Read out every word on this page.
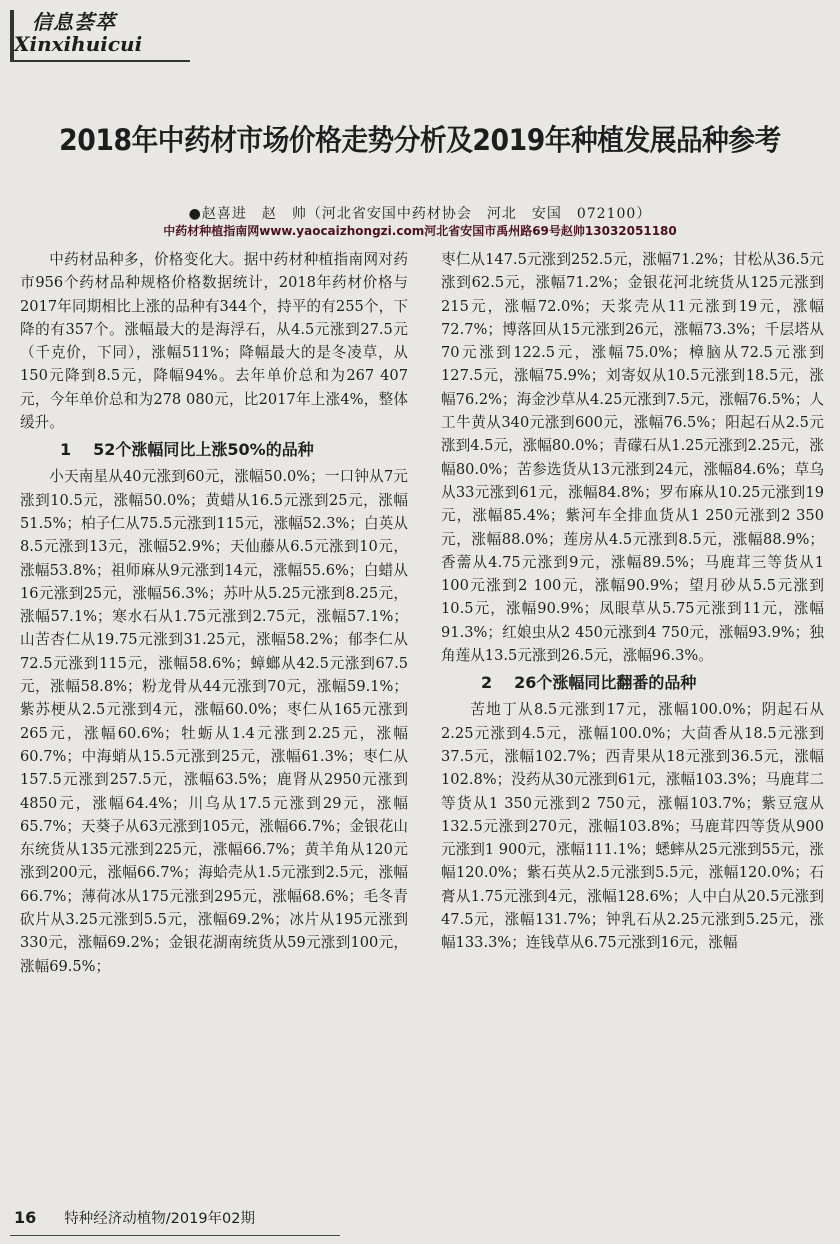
信息荟萃
Xinxihuicui
2018年中药材市场价格走势分析及2019年种植发展品种参考
●赵喜进　赵　帅（河北省安国中药材协会　河北　安国　072100）
中药材种植指南网www.yaocaizhongzi.com河北省安国市禹州路69号赵帅13032051180

中药材品种多，价格变化大。据中药材种植指南网对药市956个药材品种规格价格数据统计，2018年药材价格与2017年同期相比上涨的品种有344个，持平的有255个，下降的有357个。涨幅最大的是海浮石，从4.5元涨到27.5元（千克价，下同），涨幅511%；降幅最大的是冬凌草，从150元降到8.5元，降幅94%。去年单价总和为267 407元，今年单价总和为278 080元，比2017年上涨4%，整体缓升。

1 52个涨幅同比上涨50%的品种

小天南星从40元涨到60元，涨幅50.0%；一口钟从7元涨到10.5元，涨幅50.0%；黄蜡从16.5元涨到25元，涨幅51.5%；柏子仁从75.5元涨到115元，涨幅52.3%；白英从8.5元涨到13元，涨幅52.9%；天仙藤从6.5元涨到10元，涨幅53.8%；祖师麻从9元涨到14元，涨幅55.6%；白蜡从16元涨到25元，涨幅56.3%；苏叶从5.25元涨到8.25元，涨幅57.1%；寒水石从1.75元涨到2.75元，涨幅57.1%；山苦杏仁从19.75元涨到31.25元，涨幅58.2%；郁李仁从72.5元涨到115元，涨幅58.6%；蟑螂从42.5元涨到67.5元，涨幅58.8%；粉龙骨从44元涨到70元，涨幅59.1%；紫苏梗从2.5元涨到4元，涨幅60.0%；枣仁从165元涨到265元，涨幅60.6%；牡蛎从1.4元涨到2.25元，涨幅60.7%；中海蛸从15.5元涨到25元，涨幅61.3%；枣仁从157.5元涨到257.5元，涨幅63.5%；鹿肾从2950元涨到4850元，涨幅64.4%；川乌从17.5元涨到29元，涨幅65.7%；天葵子从63元涨到105元，涨幅66.7%；金银花山东统货从135元涨到225元，涨幅66.7%；黄羊角从120元涨到200元，涨幅66.7%；海蛤壳从1.5元涨到2.5元，涨幅66.7%；薄荷冰从175元涨到295元，涨幅68.6%；毛冬青砍片从3.25元涨到5.5元，涨幅69.2%；冰片从195元涨到330元，涨幅69.2%；金银花湖南统货从59元涨到100元，涨幅69.5%；

枣仁从147.5元涨到252.5元，涨幅71.2%；甘松从36.5元涨到62.5元，涨幅71.2%；金银花河北统货从125元涨到215元，涨幅72.0%；天浆壳从11元涨到19元，涨幅72.7%；博落回从15元涨到26元，涨幅73.3%；千层塔从70元涨到122.5元，涨幅75.0%；樟脑从72.5元涨到127.5元，涨幅75.9%；刘寄奴从10.5元涨到18.5元，涨幅76.2%；海金沙草从4.25元涨到7.5元，涨幅76.5%；人工牛黄从340元涨到600元，涨幅76.5%；阳起石从2.5元涨到4.5元，涨幅80.0%；青礞石从1.25元涨到2.25元，涨幅80.0%；苦参选货从13元涨到24元，涨幅84.6%；草乌从33元涨到61元，涨幅84.8%；罗布麻从10.25元涨到19元，涨幅85.4%；紫河车全排血货从1 250元涨到2 350元，涨幅88.0%；莲房从4.5元涨到8.5元，涨幅88.9%；香薷从4.75元涨到9元，涨幅89.5%；马鹿茸三等货从1 100元涨到2 100元，涨幅90.9%；望月砂从5.5元涨到10.5元，涨幅90.9%；凤眼草从5.75元涨到11元，涨幅91.3%；红娘虫从2 450元涨到4 750元，涨幅93.9%；独角莲从13.5元涨到26.5元，涨幅96.3%。

2 26个涨幅同比翻番的品种

苦地丁从8.5元涨到17元，涨幅100.0%；阴起石从2.25元涨到4.5元，涨幅100.0%；大茴香从18.5元涨到37.5元，涨幅102.7%；西青果从18元涨到36.5元，涨幅102.8%；没药从30元涨到61元，涨幅103.3%；马鹿茸二等货从1 350元涨到2 750元，涨幅103.7%；紫豆寇从132.5元涨到270元，涨幅103.8%；马鹿茸四等货从900元涨到1 900元，涨幅111.1%；蟋蟀从25元涨到55元，涨幅120.0%；紫石英从2.5元涨到5.5元，涨幅120.0%；石膏从1.75元涨到4元，涨幅128.6%；人中白从20.5元涨到47.5元，涨幅131.7%；钟乳石从2.25元涨到5.25元，涨幅133.3%；连钱草从6.75元涨到16元，涨幅

16 特种经济动植物/2019年02期
